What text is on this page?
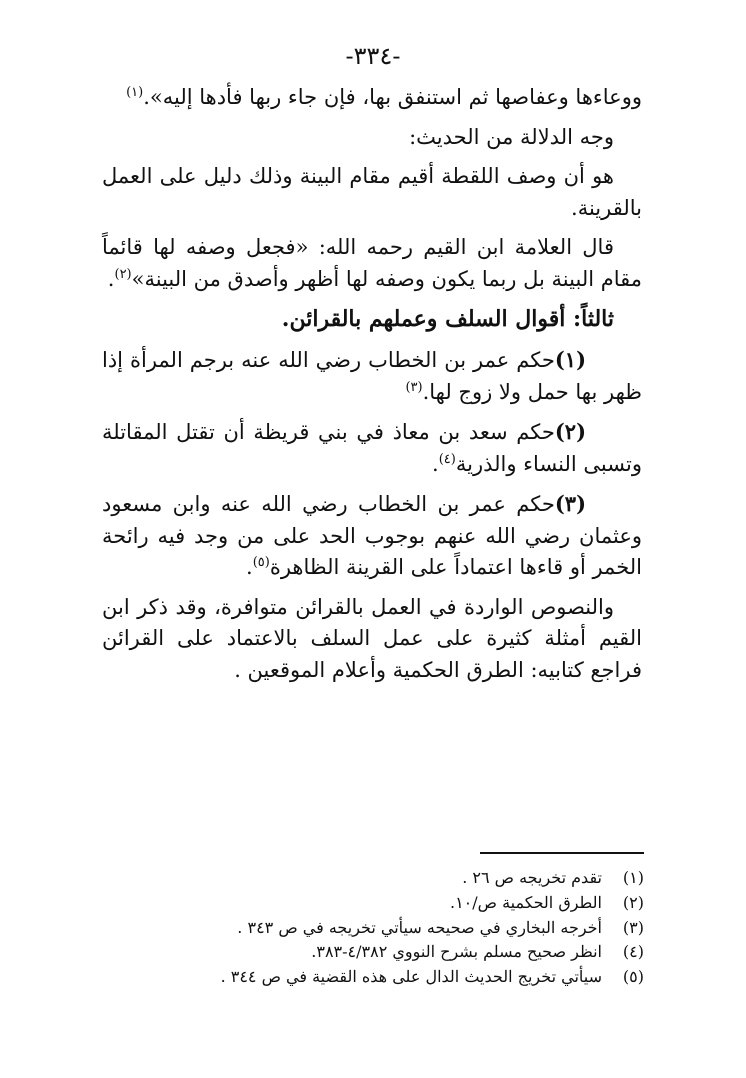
-٣٣٤-

ووعاءها وعفاصها ثم استنفق بها، فإن جاء ربها فأدها إليه».$^{(١)}$

وجه الدلالة من الحديث:

هو أن وصف اللقطة أقيم مقام البينة وذلك دليل على العمل بالقرينة.

قال العلامة ابن القيم رحمه الله: «فجعل وصفه لها قائماً مقام البينة بل ربما يكون وصفه لها أظهر وأصدق من البينة»$^{(٢)}$.

ثالثاً: أقوال السلف وعملهم بالقرائن.

(١)حكم عمر بن الخطاب رضي الله عنه برجم المرأة إذا ظهر بها حمل ولا زوج لها.$^{(٣)}$

(٢)حكم سعد بن معاذ في بني قريظة أن تقتل المقاتلة وتسبى النساء والذرية$^{(٤)}$.

(٣)حكم عمر بن الخطاب رضي الله عنه وابن مسعود وعثمان رضي الله عنهم بوجوب الحد على من وجد فيه رائحة الخمر أو قاءها اعتماداً على القرينة الظاهرة$^{(٥)}$.

والنصوص الواردة في العمل بالقرائن متوافرة، وقد ذكر ابن القيم أمثلة كثيرة على عمل السلف بالاعتماد على القرائن فراجع كتابيه: الطرق الحكمية وأعلام الموقعين .

(١)تقدم تخريجه ص ٢٦ .

(٢)الطرق الحكمية ص/١٠.

(٣)أخرجه البخاري في صحيحه سيأتي تخريجه في ص ٣٤٣ .

(٤)انظر صحيح مسلم بشرح النووي ٤/٣٨٢-٣٨٣.

(٥)سيأتي تخريج الحديث الدال على هذه القضية في ص ٣٤٤ .
